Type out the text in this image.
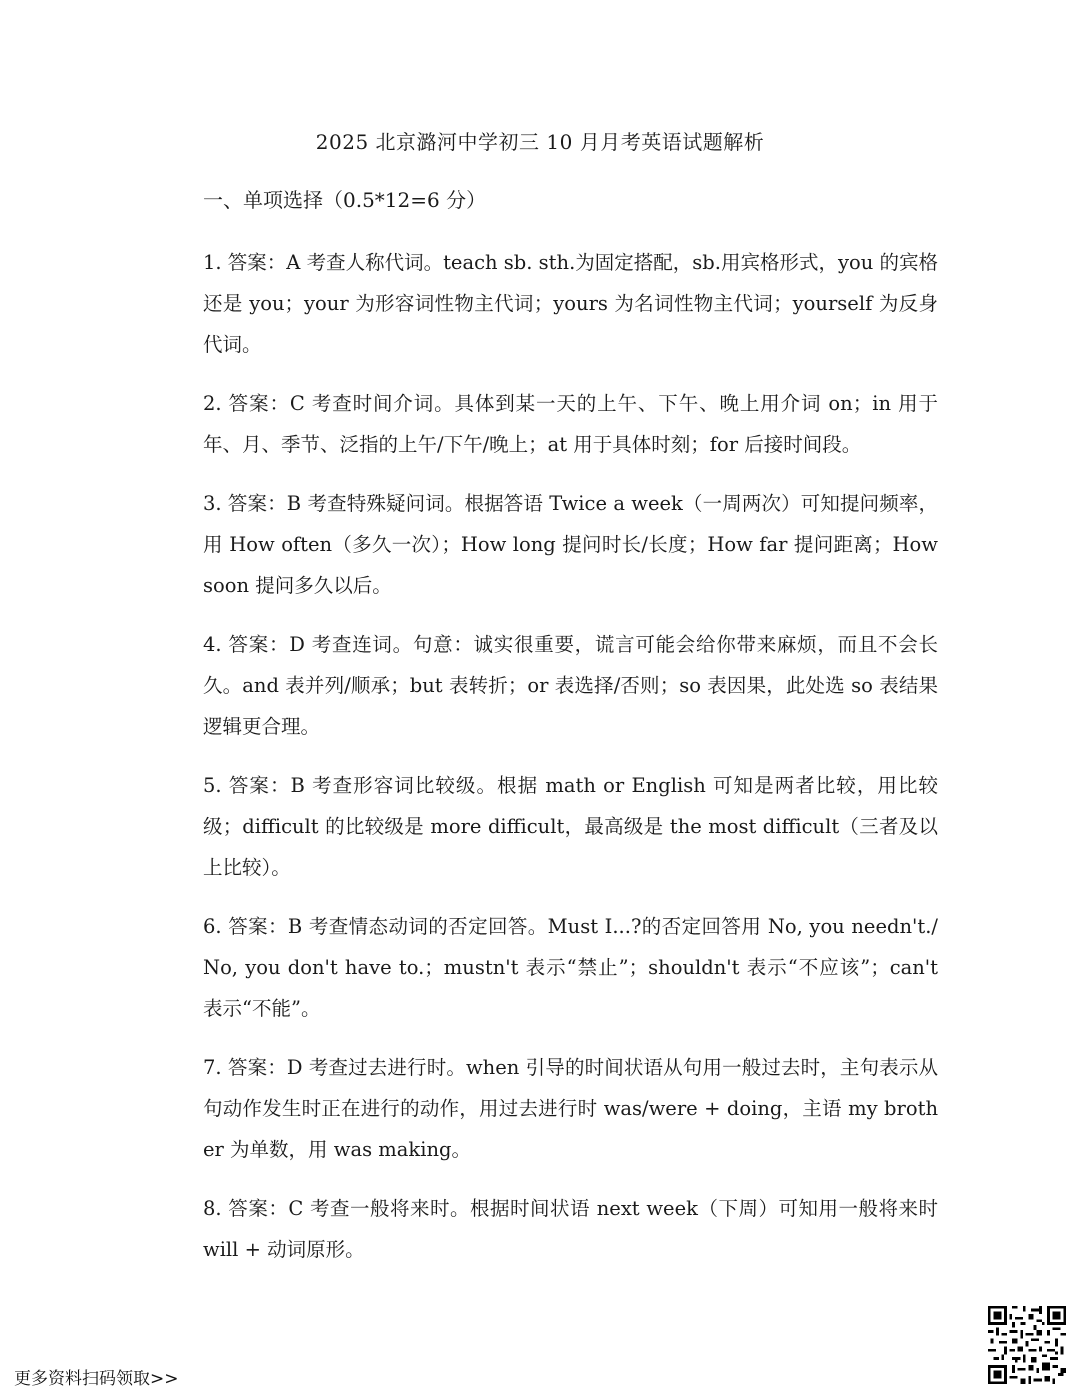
2025 北京潞河中学初三 10 月月考英语试题解析
一、单项选择（0.5*12=6 分）

1. 答案：A 考查人称代词。teach sb. sth.为固定搭配，sb.用宾格形式，you 的宾格还是 you；your 为形容词性物主代词；yours 为名词性物主代词；yourself 为反身代词。

2. 答案：C 考查时间介词。具体到某一天的上午、下午、晚上用介词 on；in 用于年、月、季节、泛指的上午/下午/晚上；at 用于具体时刻；for 后接时间段。

3. 答案：B 考查特殊疑问词。根据答语 Twice a week（一周两次）可知提问频率，用 How often（多久一次）；How long 提问时长/长度；How far 提问距离；How soon 提问多久以后。

4. 答案：D 考查连词。句意：诚实很重要，谎言可能会给你带来麻烦，而且不会长久。and 表并列/顺承；but 表转折；or 表选择/否则；so 表因果，此处选 so 表结果逻辑更合理。

5. 答案：B 考查形容词比较级。根据 math or English 可知是两者比较，用比较级；difficult 的比较级是 more difficult，最高级是 the most difficult（三者及以上比较）。

6. 答案：B 考查情态动词的否定回答。Must I...?的否定回答用 No, you needn't./No, you don't have to.；mustn't 表示“禁止”；shouldn't 表示“不应该”；can't 表示“不能”。

7. 答案：D 考查过去进行时。when 引导的时间状语从句用一般过去时，主句表示从句动作发生时正在进行的动作，用过去进行时 was/were + doing，主语 my brother 为单数，用 was making。

8. 答案：C 考查一般将来时。根据时间状语 next week（下周）可知用一般将来时 will + 动词原形。

更多资料扫码领取>>
